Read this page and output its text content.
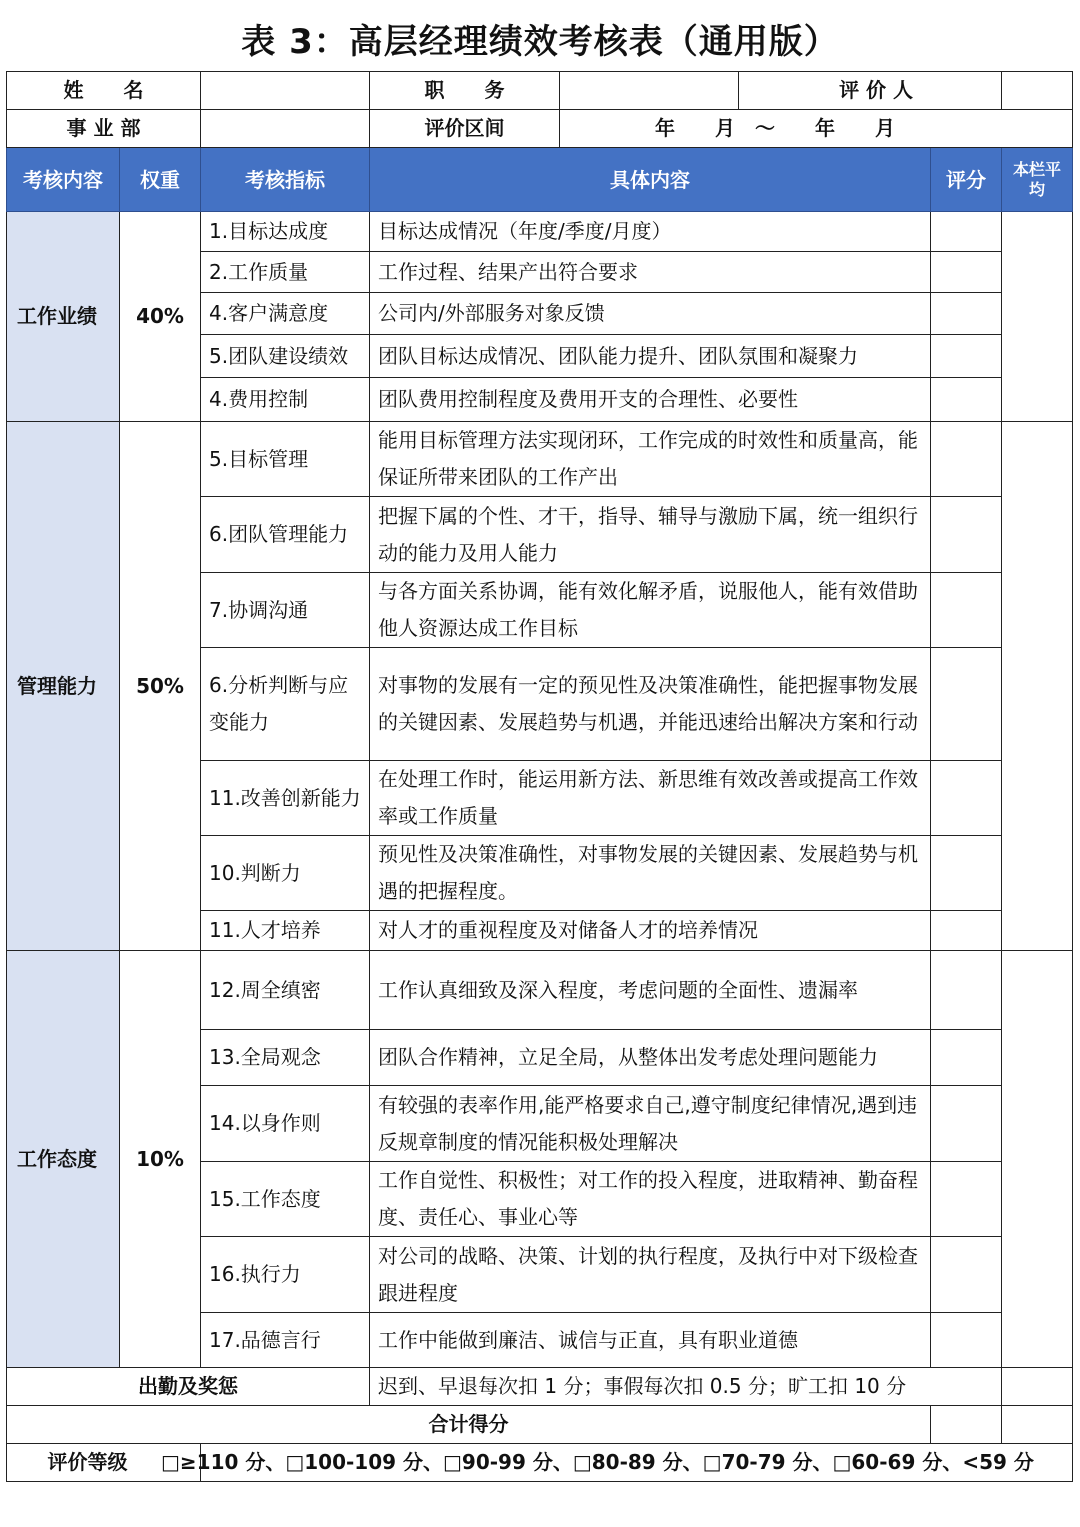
表 3：高层经理绩效考核表（通用版）
姓　　名			职　　务		评 价 人		
事 业 部			评价区间	年　　月　～　　年　　月			
考核内容	权重	考核指标	具体内容			评分	本栏平均
工作业绩	40%	1.目标达成度	目标达成情况（年度/季度/月度）				
		2.工作质量	工作过程、结果产出符合要求				
		4.客户满意度	公司内/外部服务对象反馈				
		5.团队建设绩效	团队目标达成情况、团队能力提升、团队氛围和凝聚力				
		4.费用控制	团队费用控制程度及费用开支的合理性、必要性				
管理能力	50%	5.目标管理	能用目标管理方法实现闭环，工作完成的时效性和质量高，能保证所带来团队的工作产出				
		6.团队管理能力	把握下属的个性、才干，指导、辅导与激励下属，统一组织行动的能力及用人能力				
		7.协调沟通	与各方面关系协调，能有效化解矛盾，说服他人，能有效借助他人资源达成工作目标				
		6.分析判断与应变能力	对事物的发展有一定的预见性及决策准确性，能把握事物发展的关键因素、发展趋势与机遇，并能迅速给出解决方案和行动				
		11.改善创新能力	在处理工作时，能运用新方法、新思维有效改善或提高工作效率或工作质量				
		10.判断力	预见性及决策准确性，对事物发展的关键因素、发展趋势与机遇的把握程度。				
		11.人才培养	对人才的重视程度及对储备人才的培养情况				
工作态度	10%	12.周全缜密	工作认真细致及深入程度，考虑问题的全面性、遗漏率				
		13.全局观念	团队合作精神，立足全局，从整体出发考虑处理问题能力				
		14.以身作则	有较强的表率作用,能严格要求自己,遵守制度纪律情况,遇到违反规章制度的情况能积极处理解决				
		15.工作态度	工作自觉性、积极性；对工作的投入程度，进取精神、勤奋程度、责任心、事业心等				
		16.执行力	对公司的战略、决策、计划的执行程度，及执行中对下级检查跟进程度				
		17.品德言行	工作中能做到廉洁、诚信与正直，具有职业道德				
出勤及奖惩			迟到、早退每次扣 1 分；事假每次扣 0.5 分；旷工扣 10 分				
合计得分							
评价等级		□≥110 分、□100-109 分、□90-99 分、□80-89 分、□70-79 分、□60-69 分、<59 分					
